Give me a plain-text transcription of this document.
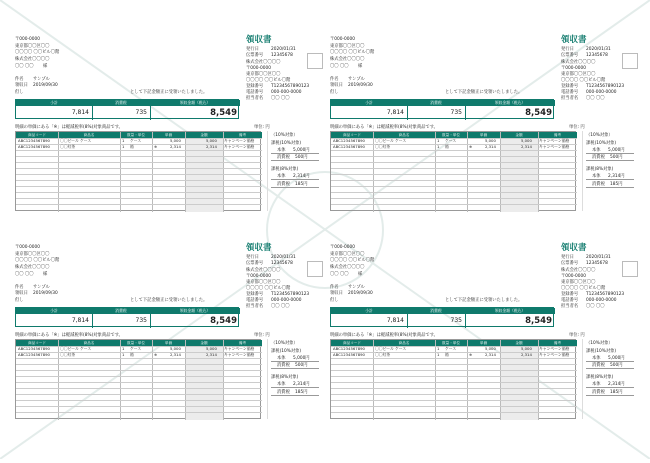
〒000-0000
東京都〇〇区〇〇
〇〇〇〇 〇〇ビル〇階
株式会社〇〇〇〇
〇〇 〇〇 様
件名 サンプル
領収日 2019/09/30
但し	として下記金額正に受領いたしました。
領収書
発行日	2020/01/31
伝票番号 12345678
株式会社〇〇〇〇
〒000-0000
東京都〇〇区〇〇
〇〇〇〇 〇〇ビル〇階
登録番号 T1234567890123
電話番号 000-000-0000
担当者名 〇〇 〇〇
小計	消費税	領収金額（税込）
7,814	735	8,549
明細の単価にある「※」は軽減税率(8%)対象商品です。	単位: 円
商品コード	商品名	数量・単位	単価	金額	備考
ABC1234567890	〇〇ビール ケース	1 ケース	5,000	5,000 キャンペーン価格
ABC1234567890	〇〇紅茶	1 箱	※	2,314	2,314 キャンペーン価格
（10%対象）
課税(10%対象)
本体 5,000円
消費税 500円
課税(8%対象)
本体 2,314円
消費税 185円
〒000-0000
東京都〇〇区〇〇
〇〇〇〇 〇〇ビル〇階
株式会社〇〇〇〇
〇〇 〇〇 様
件名 サンプル
領収日 2019/09/30
但し	として下記金額正に受領いたしました。
領収書
発行日	2020/01/31
伝票番号 12345678
株式会社〇〇〇〇
〒000-0000
東京都〇〇区〇〇
〇〇〇〇 〇〇ビル〇階
登録番号 T1234567890123
電話番号 000-000-0000
担当者名 〇〇 〇〇
小計	消費税	領収金額（税込）
7,814	735	8,549
明細の単価にある「※」は軽減税率(8%)対象商品です。	単位: 円
商品コード	商品名	数量・単位	単価	金額	備考
ABC1234567890	〇〇ビール ケース	1 ケース	5,000	5,000 キャンペーン価格
ABC1234567890	〇〇紅茶	1 箱	※	2,314	2,314 キャンペーン価格
（10%対象）
課税(10%対象)
本体 5,000円
消費税 500円
課税(8%対象)
本体 2,314円
消費税 185円
〒000-0000
東京都〇〇区〇〇
〇〇〇〇 〇〇ビル〇階
株式会社〇〇〇〇
〇〇 〇〇 様
件名 サンプル
領収日 2019/09/30
但し	として下記金額正に受領いたしました。
領収書
発行日	2020/01/31
伝票番号 12345678
株式会社〇〇〇〇
〒000-0000
東京都〇〇区〇〇
〇〇〇〇 〇〇ビル〇階
登録番号 T1234567890123
電話番号 000-000-0000
担当者名 〇〇 〇〇
小計	消費税	領収金額（税込）
7,814	735	8,549
明細の単価にある「※」は軽減税率(8%)対象商品です。	単位: 円
商品コード	商品名	数量・単位	単価	金額	備考
ABC1234567890	〇〇ビール ケース	1 ケース	5,000	5,000 キャンペーン価格
ABC1234567890	〇〇紅茶	1 箱	※	2,314	2,314 キャンペーン価格
（10%対象）
課税(10%対象)
本体 5,000円
消費税 500円
課税(8%対象)
本体 2,314円
消費税 185円
〒000-0000
東京都〇〇区〇〇
〇〇〇〇 〇〇ビル〇階
株式会社〇〇〇〇
〇〇 〇〇 様
件名 サンプル
領収日 2019/09/30
但し	として下記金額正に受領いたしました。
領収書
発行日	2020/01/31
伝票番号 12345678
株式会社〇〇〇〇
〒000-0000
東京都〇〇区〇〇
〇〇〇〇 〇〇ビル〇階
登録番号 T1234567890123
電話番号 000-000-0000
担当者名 〇〇 〇〇
小計	消費税	領収金額（税込）
7,814	735	8,549
明細の単価にある「※」は軽減税率(8%)対象商品です。	単位: 円
商品コード	商品名	数量・単位	単価	金額	備考
ABC1234567890	〇〇ビール ケース	1 ケース	5,000	5,000 キャンペーン価格
ABC1234567890	〇〇紅茶	1 箱	※	2,314	2,314 キャンペーン価格
（10%対象）
課税(10%対象)
本体 5,000円
消費税 500円
課税(8%対象)
本体 2,314円
消費税 185円
